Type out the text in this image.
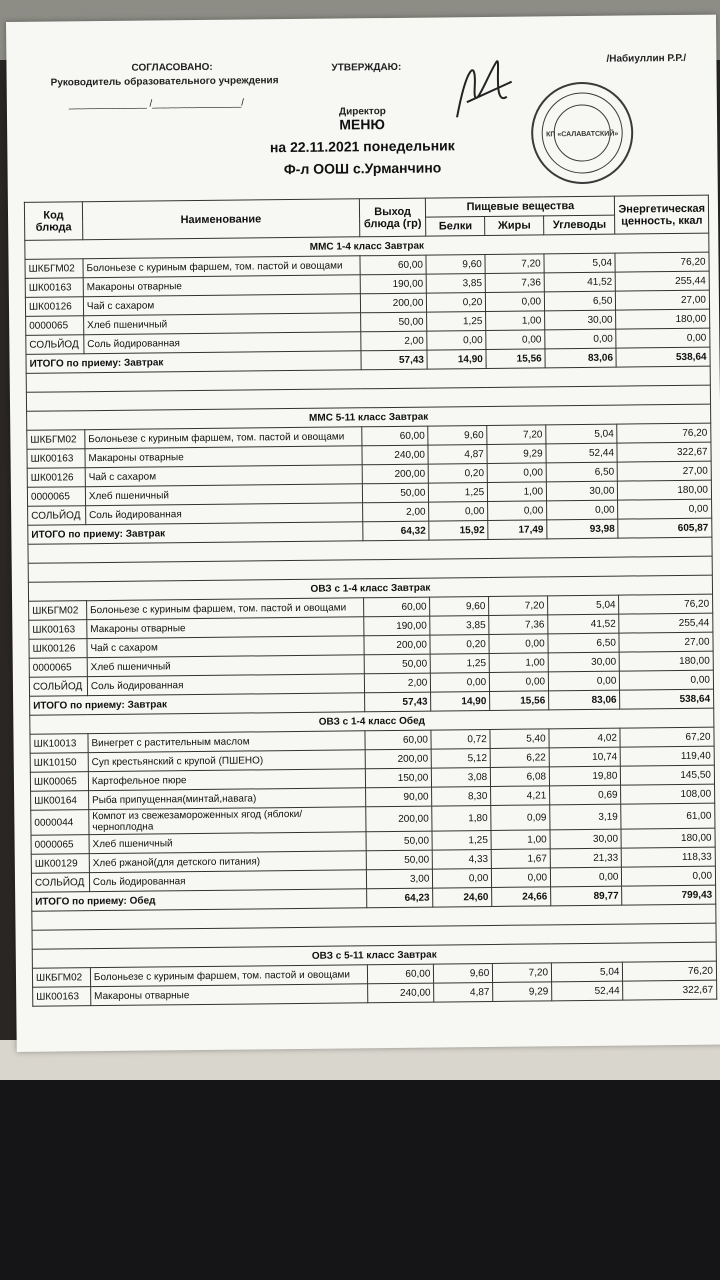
СОГЛАСОВАНО:
Руководитель образовательного учреждения
______________ /________________/
УТВЕРЖДАЮ:
Директор
/Набиуллин Р.Р./
КП «САЛАВАТСКИЙ»
МЕНЮ
на 22.11.2021 понедельник
Ф-л ООШ с.Урманчино
Код блюда	Наименование	Выход блюда (гр)	Пищевые вещества			Энергетическая ценность, ккал
			Белки	Жиры	Углеводы	
ММС 1-4 класс Завтрак						
ШКБГМ02	Болоньезе с куриным фаршем, том. пастой и овощами	60,00	9,60	7,20	5,04	76,20
ШК00163	Макароны отварные	190,00	3,85	7,36	41,52	255,44
ШК00126	Чай с сахаром	200,00	0,20	0,00	6,50	27,00
0000065	Хлеб пшеничный	50,00	1,25	1,00	30,00	180,00
СОЛЬЙОД	Соль йодированная	2,00	0,00	0,00	0,00	0,00
ИТОГО по приему: Завтрак		57,43	14,90	15,56	83,06	538,64

ММС 5-11 класс Завтрак						
ШКБГМ02	Болоньезе с куриным фаршем, том. пастой и овощами	60,00	9,60	7,20	5,04	76,20
ШК00163	Макароны отварные	240,00	4,87	9,29	52,44	322,67
ШК00126	Чай с сахаром	200,00	0,20	0,00	6,50	27,00
0000065	Хлеб пшеничный	50,00	1,25	1,00	30,00	180,00
СОЛЬЙОД	Соль йодированная	2,00	0,00	0,00	0,00	0,00
ИТОГО по приему: Завтрак		64,32	15,92	17,49	93,98	605,87

ОВЗ с 1-4 класс Завтрак						
ШКБГМ02	Болоньезе с куриным фаршем, том. пастой и овощами	60,00	9,60	7,20	5,04	76,20
ШК00163	Макароны отварные	190,00	3,85	7,36	41,52	255,44
ШК00126	Чай с сахаром	200,00	0,20	0,00	6,50	27,00
0000065	Хлеб пшеничный	50,00	1,25	1,00	30,00	180,00
СОЛЬЙОД	Соль йодированная	2,00	0,00	0,00	0,00	0,00
ИТОГО по приему: Завтрак		57,43	14,90	15,56	83,06	538,64
ОВЗ с 1-4 класс Обед						
ШК10013	Винегрет с растительным маслом	60,00	0,72	5,40	4,02	67,20
ШК10150	Суп крестьянский с крупой (ПШЕНО)	200,00	5,12	6,22	10,74	119,40
ШК00065	Картофельное пюре	150,00	3,08	6,08	19,80	145,50
ШК00164	Рыба припущенная(минтай,навага)	90,00	8,30	4,21	0,69	108,00
0000044	Компот из свежезамороженных ягод (яблоки/черноплодна	200,00	1,80	0,09	3,19	61,00
0000065	Хлеб пшеничный	50,00	1,25	1,00	30,00	180,00
ШК00129	Хлеб ржаной(для детского питания)	50,00	4,33	1,67	21,33	118,33
СОЛЬЙОД	Соль йодированная	3,00	0,00	0,00	0,00	0,00
ИТОГО по приему: Обед		64,23	24,60	24,66	89,77	799,43

ОВЗ с 5-11 класс Завтрак						
ШКБГМ02	Болоньезе с куриным фаршем, том. пастой и овощами	60,00	9,60	7,20	5,04	76,20
ШК00163	Макароны отварные	240,00	4,87	9,29	52,44	322,67
